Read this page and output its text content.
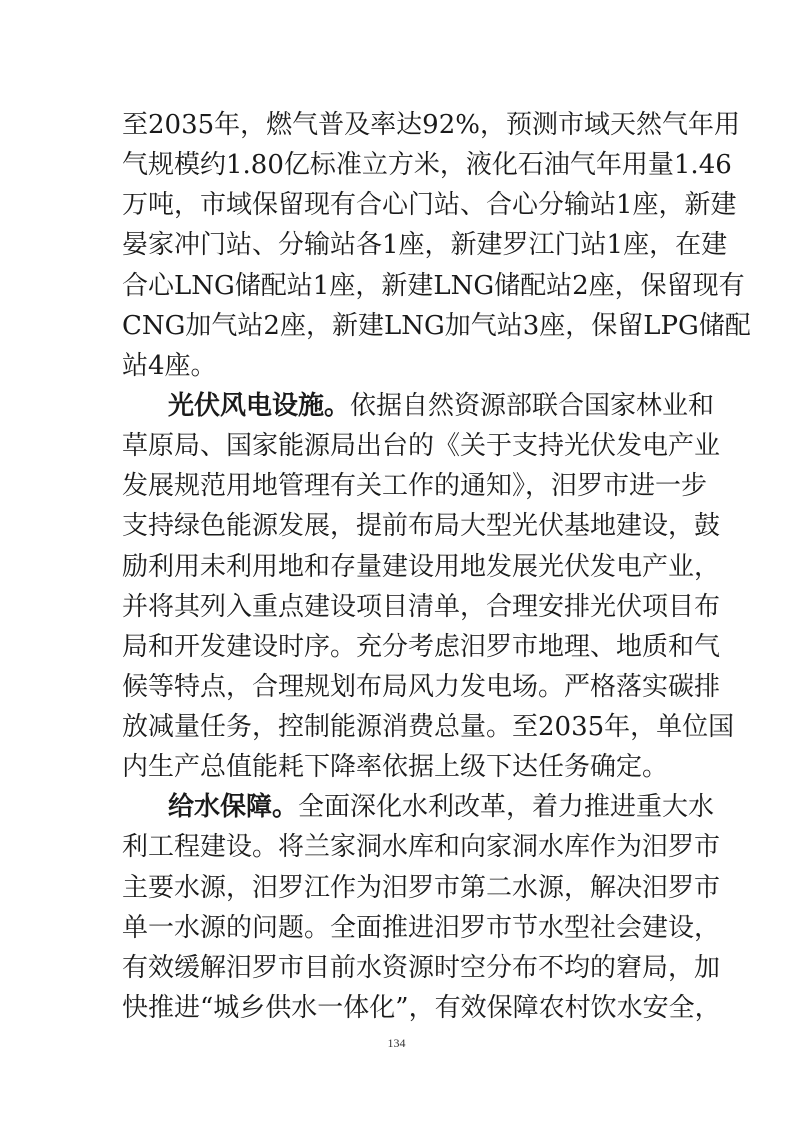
至2035年，燃气普及率达92%，预测市域天然气年用
气规模约1.80亿标准立方米，液化石油气年用量1.46
万吨，市域保留现有合心门站、合心分输站1座，新建
晏家冲门站、分输站各1座，新建罗江门站1座，在建
合心LNG储配站1座，新建LNG储配站2座，保留现有
CNG加气站2座，新建LNG加气站3座，保留LPG储配
站4座。
光伏风电设施。依据自然资源部联合国家林业和
草原局、国家能源局出台的《关于支持光伏发电产业
发展规范用地管理有关工作的通知》，汨罗市进一步
支持绿色能源发展，提前布局大型光伏基地建设，鼓
励利用未利用地和存量建设用地发展光伏发电产业，
并将其列入重点建设项目清单，合理安排光伏项目布
局和开发建设时序。充分考虑汨罗市地理、地质和气
候等特点，合理规划布局风力发电场。严格落实碳排
放减量任务，控制能源消费总量。至2035年，单位国
内生产总值能耗下降率依据上级下达任务确定。
给水保障。全面深化水利改革，着力推进重大水
利工程建设。将兰家洞水库和向家洞水库作为汨罗市
主要水源，汨罗江作为汨罗市第二水源，解决汨罗市
单一水源的问题。全面推进汨罗市节水型社会建设，
有效缓解汨罗市目前水资源时空分布不均的窘局，加
快推进“城乡供水一体化”，有效保障农村饮水安全，
134
